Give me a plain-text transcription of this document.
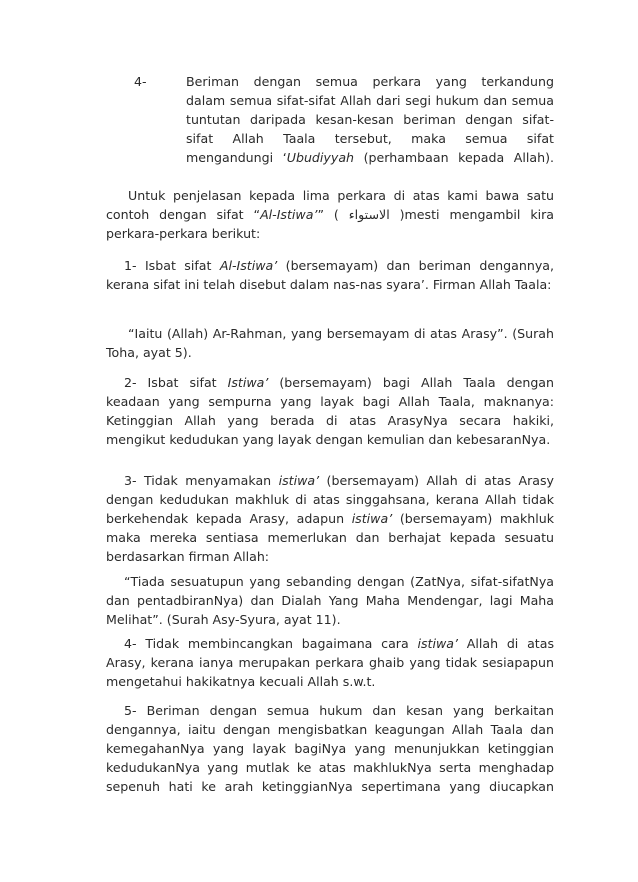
4-	Beriman dengan semua perkara yang terkandung

dalam semua sifat-sifat Allah dari segi hukum dan semua

tuntutan daripada kesan-kesan beriman dengan sifat-

sifat Allah Taala tersebut, maka semua sifat

mengandungi ‘Ubudiyyah (perhambaan kepada Allah).

Untuk penjelasan kepada lima perkara di atas kami bawa satu contoh dengan sifat “Al-Istiwa’” ( الاستواء )mesti mengambil kira perkara-perkara berikut:

1- Isbat sifat Al-Istiwa’ (bersemayam) dan beriman dengannya, kerana sifat ini telah disebut dalam nas-nas syara’. Firman Allah Taala:

“Iaitu (Allah) Ar-Rahman, yang bersemayam di atas Arasy”. (Surah Toha, ayat 5).

2- Isbat sifat Istiwa’ (bersemayam) bagi Allah Taala dengan keadaan yang sempurna yang layak bagi Allah Taala, maknanya: Ketinggian Allah yang berada di atas ArasyNya secara hakiki, mengikut kedudukan yang layak dengan kemulian dan kebesaranNya.

3- Tidak menyamakan istiwa’ (bersemayam) Allah di atas Arasy dengan kedudukan makhluk di atas singgahsana, kerana Allah tidak berkehendak kepada Arasy, adapun istiwa’ (bersemayam) makhluk maka mereka sentiasa memerlukan dan berhajat kepada sesuatu berdasarkan firman Allah:

“Tiada sesuatupun yang sebanding dengan (ZatNya, sifat-sifatNya dan pentadbiranNya) dan Dialah Yang Maha Mendengar, lagi Maha Melihat”. (Surah Asy-Syura, ayat 11).

4- Tidak membincangkan bagaimana cara istiwa’ Allah di atas Arasy, kerana ianya merupakan perkara ghaib yang tidak sesiapapun mengetahui hakikatnya kecuali Allah s.w.t.

5- Beriman dengan semua hukum dan kesan yang berkaitan dengannya, iaitu dengan mengisbatkan keagungan Allah Taala dan kemegahanNya yang layak bagiNya yang menunjukkan ketinggian kedudukanNya yang mutlak ke atas makhlukNya serta menghadap sepenuh hati ke arah ketinggianNya sepertimana yang diucapkan
